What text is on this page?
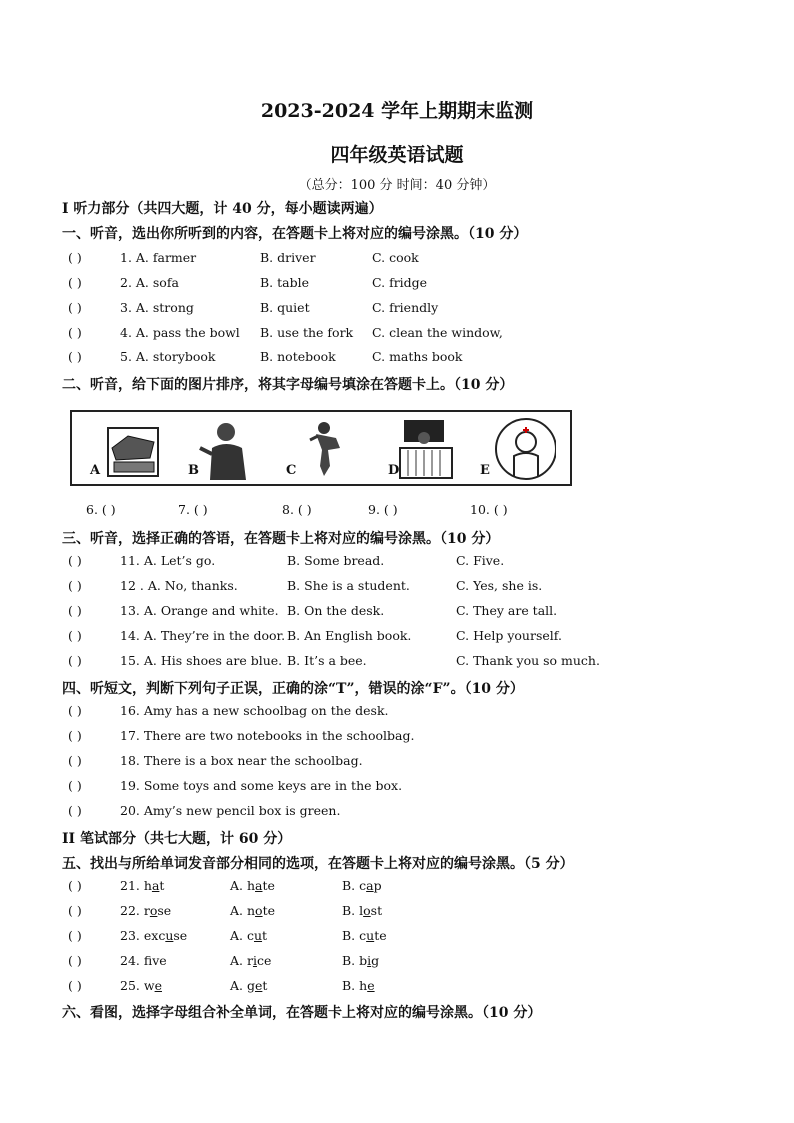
2023-2024 学年上期期末监测
四年级英语试题
（总分：100 分 时间：40 分钟）
I 听力部分（共四大题，计 40 分，每小题读两遍）
一、听音，选出你所听到的内容，在答题卡上将对应的编号涂黑。（10 分）
( )	1. A. farmer	B. driver	C. cook
( )	2. A. sofa	B. table	C. fridge
( )	3. A. strong	B. quiet	C. friendly
( )	4. A. pass the bowl B. use the fork C. clean the window,
( )	5. A. storybook	B. notebook	C. maths book
二、听音，给下面的图片排序，将其字母编号填涂在答题卡上。（10 分）
A	B	C	D	E
6. ( )	7. ( )	8. ( )	9. ( )	10. ( )
三、听音，选择正确的答语，在答题卡上将对应的编号涂黑。（10 分）
( )	11. A. Let’s go.	B. Some bread.	C. Five.
( )	12 . A. No, thanks.	B. She is a student.	C. Yes, she is.
( )	13. A. Orange and white. B. On the desk.	C. They are tall.
( )	14. A. They’re in the door. B. An English book.	C. Help yourself.
( )	15. A. His shoes are blue. B. It’s a bee.	C. Thank you so much.
四、听短文，判断下列句子正误，正确的涂“T”，错误的涂“F”。（10 分）
( )	16. Amy has a new schoolbag on the desk.
( )	17. There are two notebooks in the schoolbag.
( )	18. There is a box near the schoolbag.
( )	19. Some toys and some keys are in the box.
( )	20. Amy’s new pencil box is green.
II 笔试部分（共七大题，计 60 分）
五、找出与所给单词发音部分相同的选项，在答题卡上将对应的编号涂黑。（5 分）
( )	21. hat	A. hate	B. cap
( )	22. rose	A. note	B. lost
( )	23. excuse	A. cut	B. cute
( )	24. fve	A. rice	B. big
( )	25. we	A. get	B. he
六、看图，选择字母组合补全单词，在答题卡上将对应的编号涂黑。（10 分）
